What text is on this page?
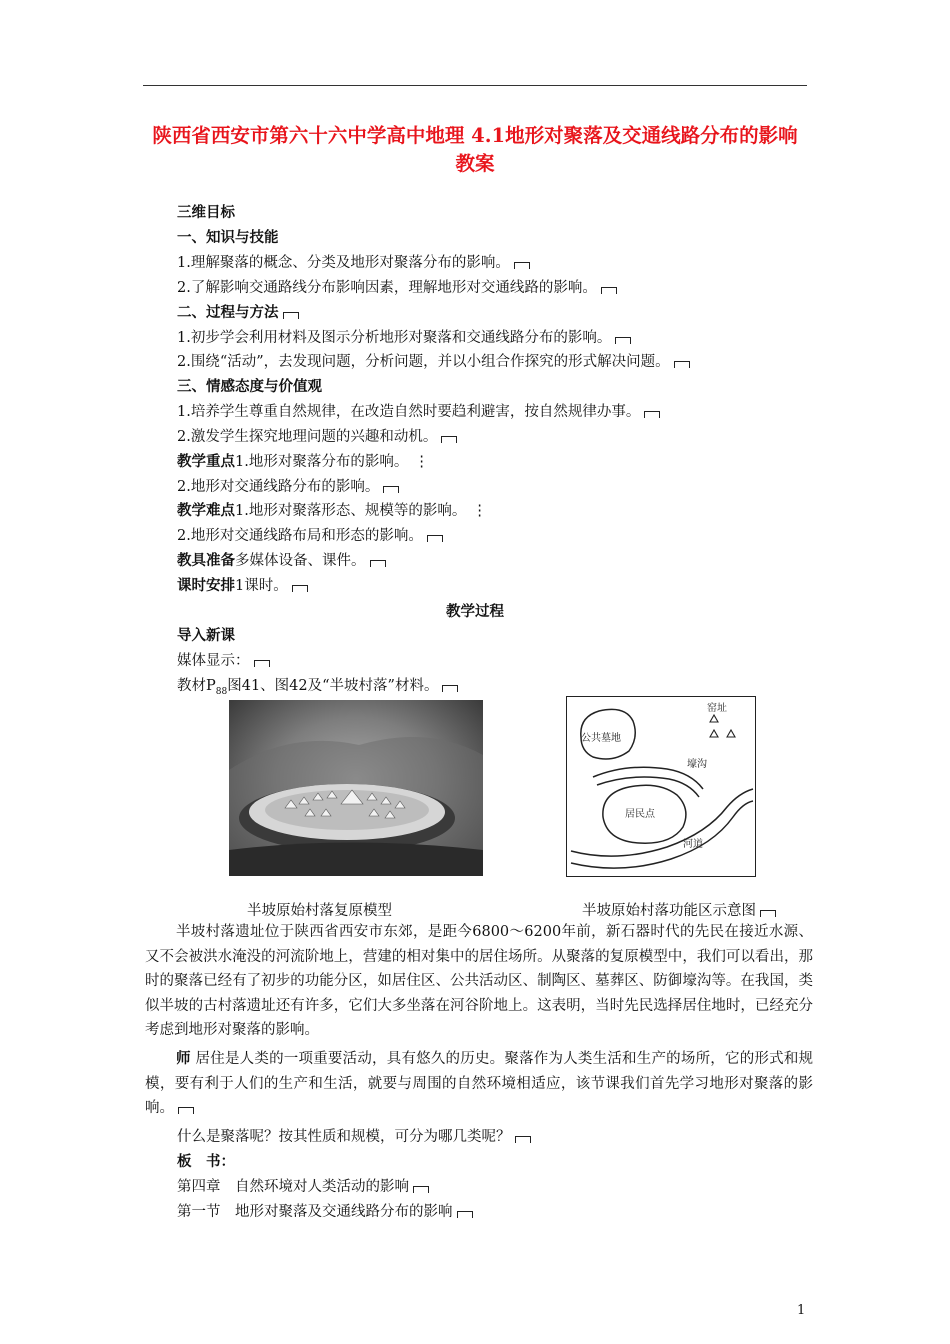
陕西省西安市第六十六中学高中地理 4.1地形对聚落及交通线路分布的影响教案
三维目标
一、知识与技能
1.理解聚落的概念、分类及地形对聚落分布的影响。
2.了解影响交通路线分布影响因素，理解地形对交通线路的影响。
二、过程与方法
1.初步学会利用材料及图示分析地形对聚落和交通线路分布的影响。
2.围绕“活动”，去发现问题，分析问题，并以小组合作探究的形式解决问题。
三、情感态度与价值观
1.培养学生尊重自然规律，在改造自然时要趋利避害，按自然规律办事。
2.激发学生探究地理问题的兴趣和动机。
教学重点1.地形对聚落分布的影响。 ⋮
2.地形对交通线路分布的影响。
教学难点1.地形对聚落形态、规模等的影响。 ⋮
2.地形对交通线路布局和形态的影响。
教具准备多媒体设备、课件。
课时安排1课时。
教学过程
导入新课
媒体显示：
教材$P_{88}$图41、图42及“半坡村落”材料。
窑址
公共墓地
壕沟
居民点
河道
半坡原始村落复原模型	半坡原始村落功能区示意图
半坡村落遗址位于陕西省西安市东郊，是距今6800～6200年前，新石器时代的先民在接近水源、又不会被洪水淹没的河流阶地上，营建的相对集中的居住场所。从聚落的复原模型中，我们可以看出，那时的聚落已经有了初步的功能分区，如居住区、公共活动区、制陶区、墓葬区、防御壕沟等。在我国，类似半坡的古村落遗址还有许多，它们大多坐落在河谷阶地上。这表明，当时先民选择居住地时，已经充分考虑到地形对聚落的影响。
师 居住是人类的一项重要活动，具有悠久的历史。聚落作为人类生活和生产的场所，它的形式和规模，要有利于人们的生产和生活，就要与周围的自然环境相适应，该节课我们首先学习地形对聚落的影响。
什么是聚落呢？按其性质和规模，可分为哪几类呢？
板　书：
第四章　自然环境对人类活动的影响
第一节　地形对聚落及交通线路分布的影响
1
